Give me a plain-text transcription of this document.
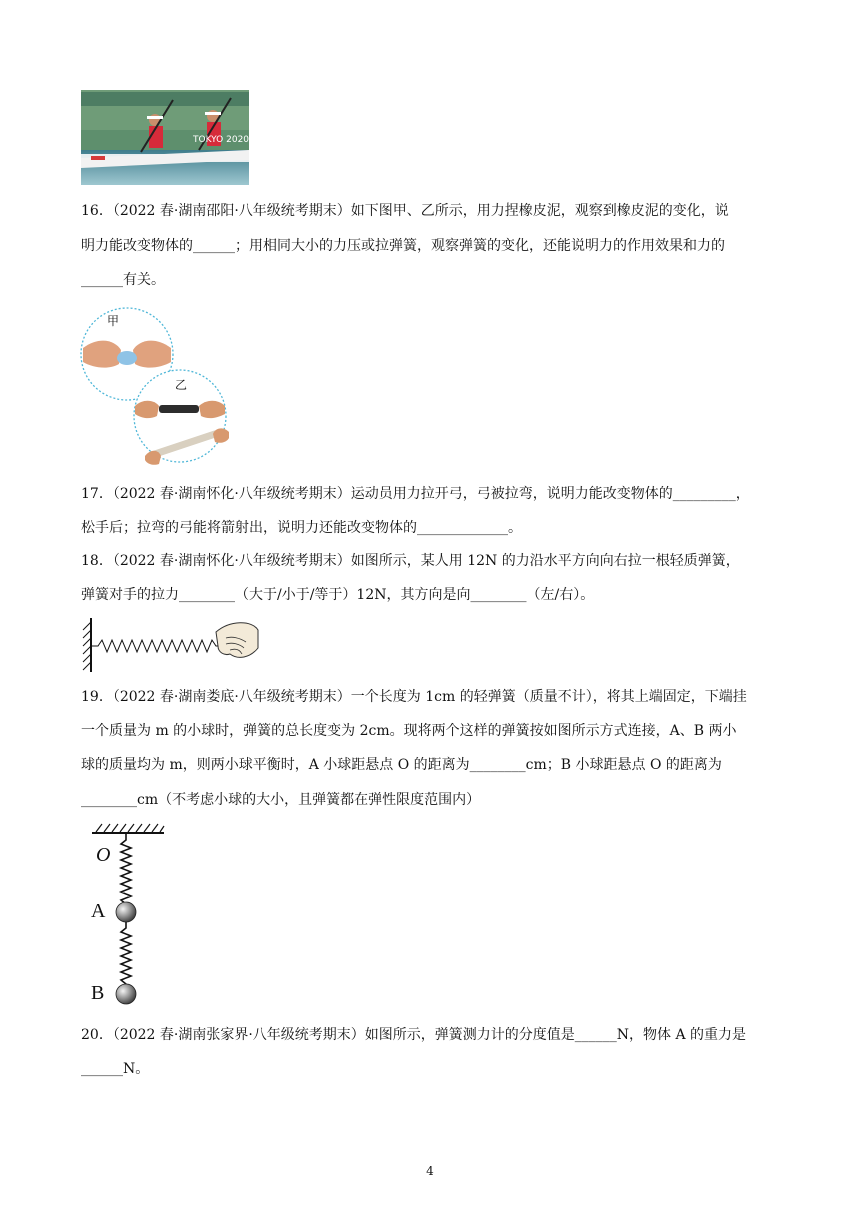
TOKYO 2020
16．（2022 春·湖南邵阳·八年级统考期末）如下图甲、乙所示，用力捏橡皮泥，观察到橡皮泥的变化，说
明力能改变物体的______；用相同大小的力压或拉弹簧，观察弹簧的变化，还能说明力的作用效果和力的
______有关。
甲
乙
17．（2022 春·湖南怀化·八年级统考期末）运动员用力拉开弓，弓被拉弯，说明力能改变物体的_________，
松手后；拉弯的弓能将箭射出，说明力还能改变物体的_____________。
18．（2022 春·湖南怀化·八年级统考期末）如图所示，某人用 12N 的力沿水平方向向右拉一根轻质弹簧，
弹簧对手的拉力________（大于/小于/等于）12N，其方向是向________（左/右）。
19．（2022 春·湖南娄底·八年级统考期末）一个长度为 1cm 的轻弹簧（质量不计），将其上端固定，下端挂
一个质量为 m 的小球时，弹簧的总长度变为 2cm。现将两个这样的弹簧按如图所示方式连接，A、B 两小
球的质量均为 m，则两小球平衡时，A 小球距悬点 O 的距离为________cm；B 小球距悬点 O 的距离为
________cm（不考虑小球的大小，且弹簧都在弹性限度范围内）
O
A
B
20．（2022 春·湖南张家界·八年级统考期末）如图所示，弹簧测力计的分度值是______N，物体 A 的重力是
______N。
4
